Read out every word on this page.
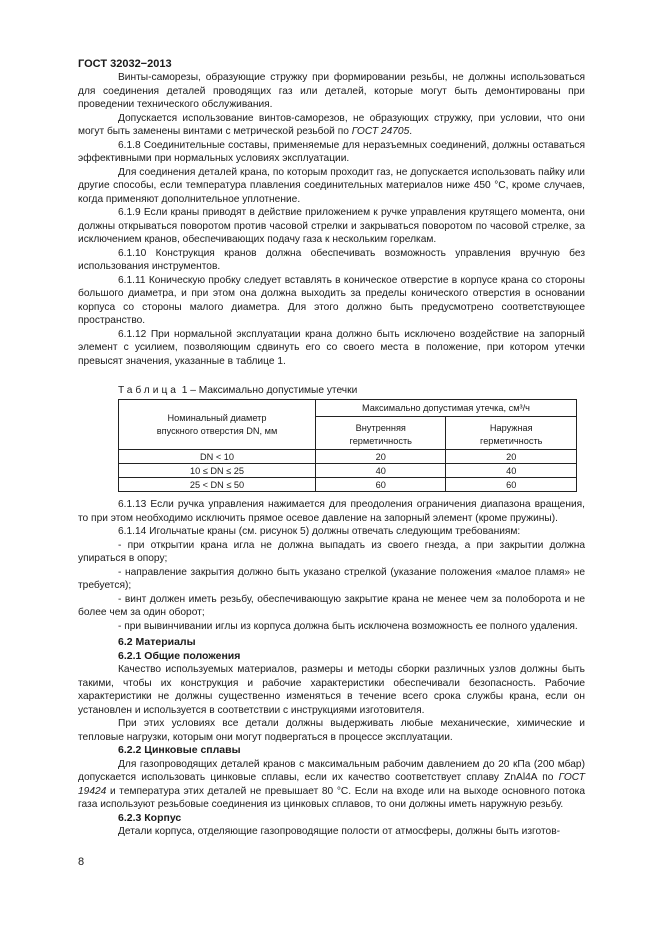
ГОСТ 32032−2013

Винты-саморезы, образующие стружку при формировании резьбы, не должны использоваться для соединения деталей проводящих газ или деталей, которые могут быть демонтированы при проведении технического обслуживания.

Допускается использование винтов-саморезов, не образующих стружку, при условии, что они могут быть заменены винтами с метрической резьбой по ГОСТ 24705.

6.1.8 Соединительные составы, применяемые для неразъемных соединений, должны оставаться эффективными при нормальных условиях эксплуатации.

Для соединения деталей крана, по которым проходит газ, не допускается использовать пайку или другие способы, если температура плавления соединительных материалов ниже 450 °С, кроме случаев, когда применяют дополнительное уплотнение.

6.1.9 Если краны приводят в действие приложением к ручке управления крутящего момента, они должны открываться поворотом против часовой стрелки и закрываться поворотом по часовой стрелке, за исключением кранов, обеспечивающих подачу газа к нескольким горелкам.

6.1.10 Конструкция кранов должна обеспечивать возможность управления вручную без использования инструментов.

6.1.11 Коническую пробку следует вставлять в коническое отверстие в корпусе крана со стороны большого диаметра, и при этом она должна выходить за пределы конического отверстия в основании корпуса со стороны малого диаметра. Для этого должно быть предусмотрено соответствующее пространство.

6.1.12 При нормальной эксплуатации крана должно быть исключено воздействие на запорный элемент с усилием, позволяющим сдвинуть его со своего места в положение, при котором утечки превысят значения, указанные в таблице 1.

Таблица 1 – Максимально допустимые утечки
Номинальный диаметр
впускного отверстия DN, мм	Максимально допустимая утечка, см³/ч	
	Внутренняя	Наружная
	герметичность	герметичность
DN < 10	20	20
10 ≤ DN ≤ 25	40	40
25 < DN ≤ 50	60	60

6.1.13 Если ручка управления нажимается для преодоления ограничения диапазона вращения, то при этом необходимо исключить прямое осевое давление на запорный элемент (кроме пружины).

6.1.14 Игольчатые краны (см. рисунок 5) должны отвечать следующим требованиям:

- при открытии крана игла не должна выпадать из своего гнезда, а при закрытии должна упираться в опору;

- направление закрытия должно быть указано стрелкой (указание положения «малое пламя» не требуется);

- винт должен иметь резьбу, обеспечивающую закрытие крана не менее чем за полоборота и не более чем за один оборот;

- при вывинчивании иглы из корпуса должна быть исключена возможность ее полного удаления.

6.2 Материалы
6.2.1 Общие положения

Качество используемых материалов, размеры и методы сборки различных узлов должны быть такими, чтобы их конструкция и рабочие характеристики обеспечивали безопасность. Рабочие характеристики не должны существенно изменяться в течение всего срока службы крана, если он установлен и используется в соответствии с инструкциями изготовителя.

При этих условиях все детали должны выдерживать любые механические, химические и тепловые нагрузки, которым они могут подвергаться в процессе эксплуатации.

6.2.2 Цинковые сплавы

Для газопроводящих деталей кранов с максимальным рабочим давлением до 20 кПа (200 мбар) допускается использовать цинковые сплавы, если их качество соответствует сплаву ZnAl4A по ГОСТ 19424 и температура этих деталей не превышает 80 °С. Если на входе или на выходе основного потока газа используют резьбовые соединения из цинковых сплавов, то они должны иметь наружную резьбу.

6.2.3 Корпус

Детали корпуса, отделяющие газопроводящие полости от атмосферы, должны быть изготов-

8
